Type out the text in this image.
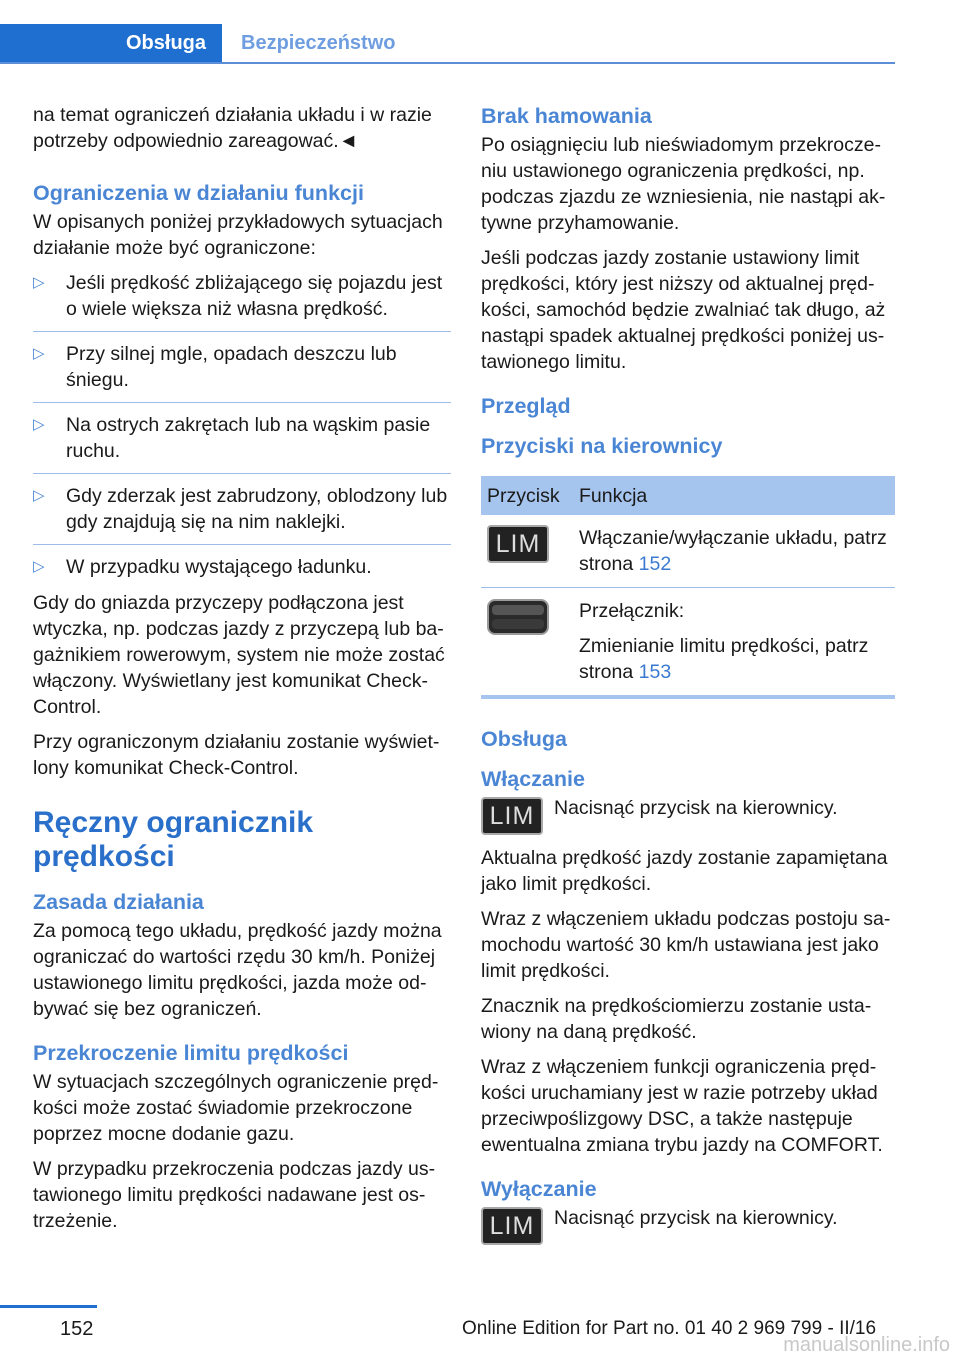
Obsługa	Bezpieczeństwo

na temat ograniczeń działania układu i w razie potrzeby odpowiednio zareagować.◄

Ograniczenia w działaniu funkcji

W opisanych poniżej przykładowych sytuacjach działanie może być ograniczone:

▷ Jeśli prędkość zbliżającego się pojazdu jest o wiele większa niż własna prędkość.
▷ Przy silnej mgle, opadach deszczu lub śniegu.
▷ Na ostrych zakrętach lub na wąskim pasie ruchu.
▷ Gdy zderzak jest zabrudzony, oblodzony lub gdy znajdują się na nim naklejki.
▷ W przypadku wystającego ładunku.

Gdy do gniazda przyczepy podłączona jest wtyczka, np. podczas jazdy z przyczepą lub bagażnikiem rowerowym, system nie może zostać włączony. Wyświetlany jest komunikat Check-Control.

Przy ograniczonym działaniu zostanie wyświetlony komunikat Check-Control.

Ręczny ogranicznik prędkości
Zasada działania

Za pomocą tego układu, prędkość jazdy można ograniczać do wartości rzędu 30 km/h. Poniżej ustawionego limitu prędkości, jazda może odbywać się bez ograniczeń.

Przekroczenie limitu prędkości

W sytuacjach szczególnych ograniczenie prędkości może zostać świadomie przekroczone poprzez mocne dodanie gazu.

W przypadku przekroczenia podczas jazdy ustawionego limitu prędkości nadawane jest ostrzeżenie.

Brak hamowania

Po osiągnięciu lub nieświadomym przekroczeniu ustawionego ograniczenia prędkości, np. podczas zjazdu ze wzniesienia, nie nastąpi aktywne przyhamowanie.

Jeśli podczas jazdy zostanie ustawiony limit prędkości, który jest niższy od aktualnej prędkości, samochód będzie zwalniać tak długo, aż nastąpi spadek aktualnej prędkości poniżej ustawionego limitu.

Przegląd
Przyciski na kierownicy
Przycisk	Funkcja
LIM	Włączanie/wyłączanie układu, patrz strona 152

Przełącznik:

Zmienianie limitu prędkości, patrz strona 153
Obsługa
Włączanie
LIM	Nacisnąć przycisk na kierownicy.

Aktualna prędkość jazdy zostanie zapamiętana jako limit prędkości.

Wraz z włączeniem układu podczas postoju samochodu wartość 30 km/h ustawiana jest jako limit prędkości.

Znacznik na prędkościomierzu zostanie ustawiony na daną prędkość.

Wraz z włączeniem funkcji ograniczenia prędkości uruchamiany jest w razie potrzeby układ przeciwpoślizgowy DSC, a także następuje ewentualna zmiana trybu jazdy na COMFORT.

Wyłączanie
LIM	Nacisnąć przycisk na kierownicy.

152	Online Edition for Part no. 01 40 2 969 799 - II/16
manualsonline.info
